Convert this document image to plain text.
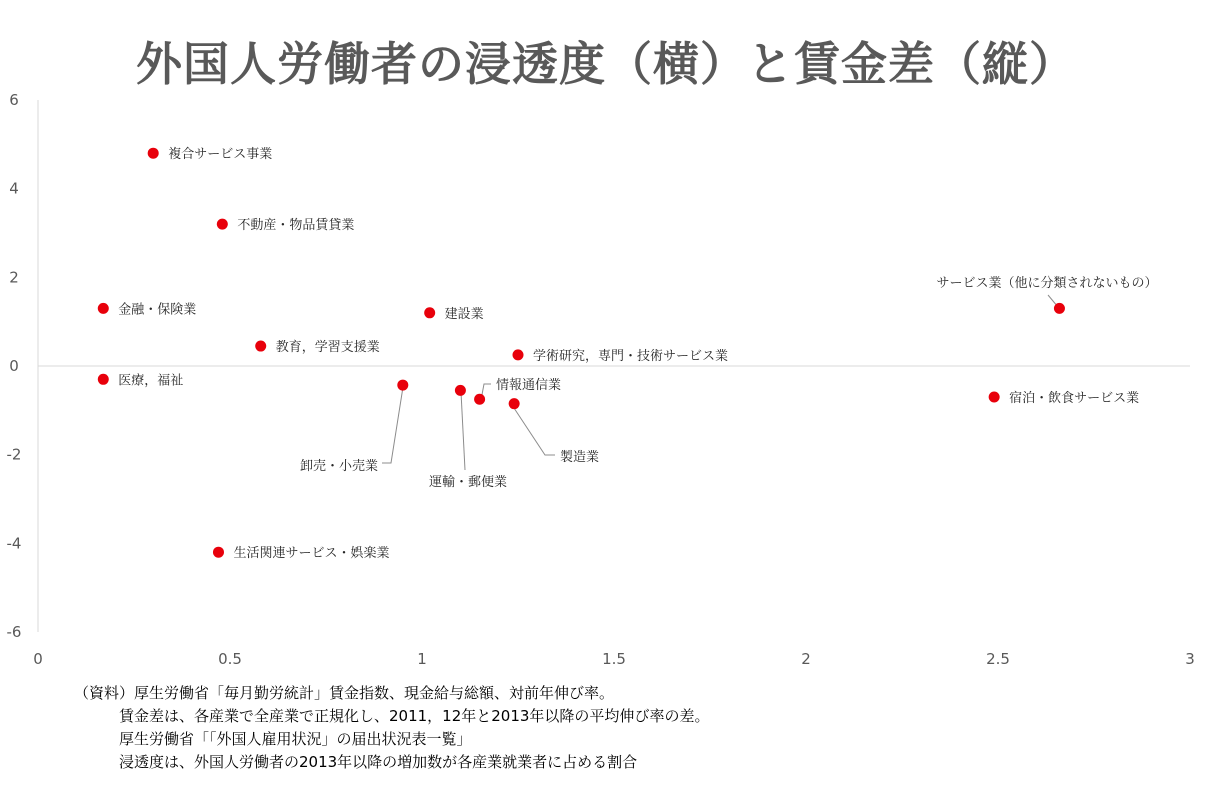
外国人労働者の浸透度（横）と賃金差（縦）
6
4
2
0
-2
-4
-6
0	0.5	1	1.5	2	2.5	3
複合サービス事業
不動産・物品賃貸業
金融・保険業	建設業
教育，学習支援業
学術研究，専門・技術サービス業
医療，福祉
卸売・小売業
運輸・郵便業
情報通信業
製造業
宿泊・飲食サービス業
サービス業（他に分類されないもの）
生活関連サービス・娯楽業
（資料）厚生労働省「毎月勤労統計」賃金指数、現金給与総額、対前年伸び率。
賃金差は、各産業で全産業で正規化し、2011，12年と2013年以降の平均伸び率の差。
厚生労働省「「外国人雇用状況」の届出状況表一覧」
浸透度は、外国人労働者の2013年以降の増加数が各産業就業者に占める割合
